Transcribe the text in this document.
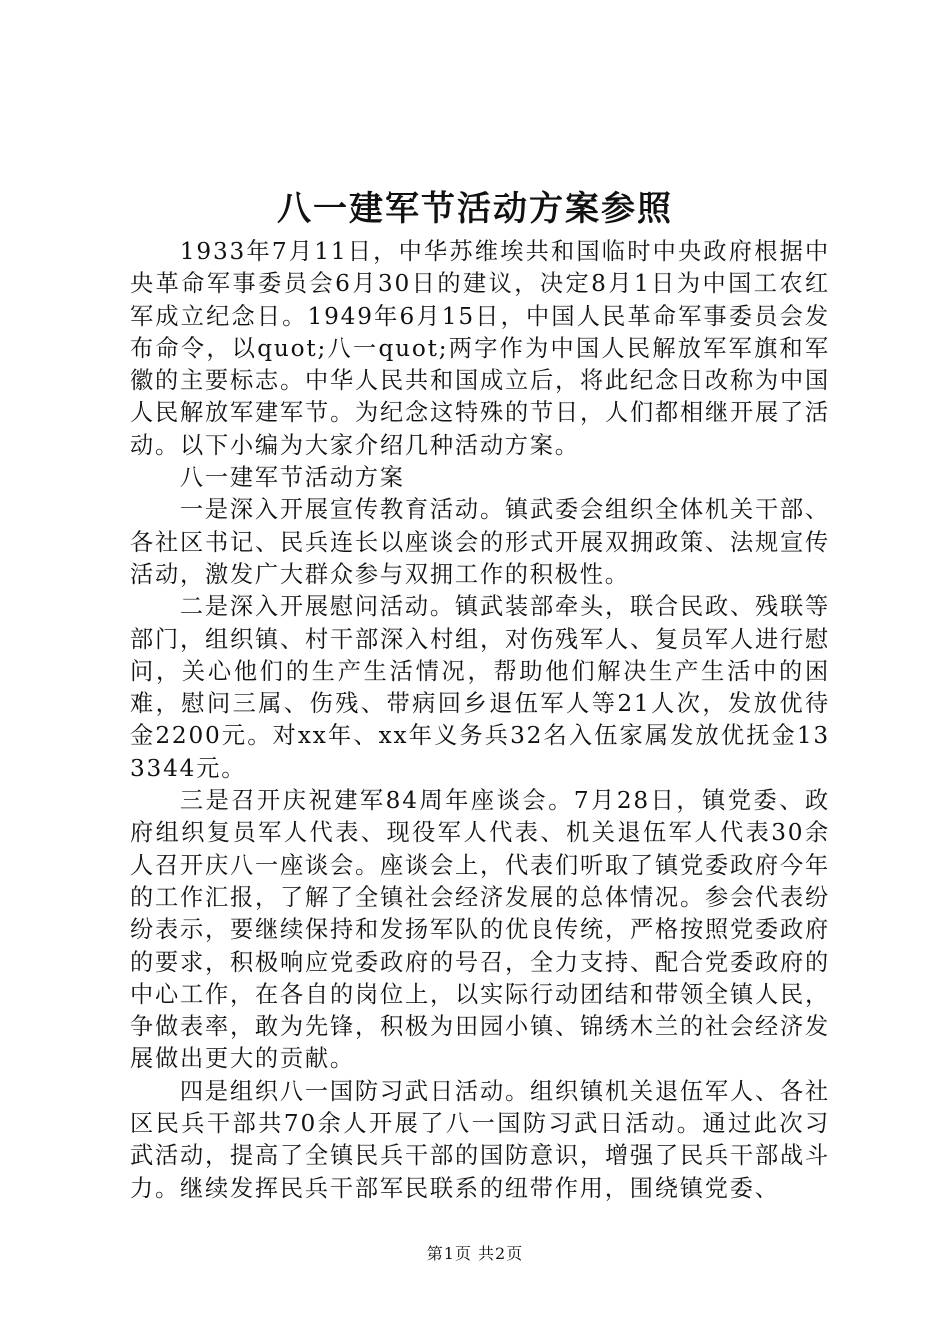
八一建军节活动方案参照

1933年7月11日，中华苏维埃共和国临时中央政府根据中央革命军事委员会6月30日的建议，决定8月1日为中国工农红军成立纪念日。1949年6月15日，中国人民革命军事委员会发布命令，以quot;八一quot;两字作为中国人民解放军军旗和军徽的主要标志。中华人民共和国成立后，将此纪念日改称为中国人民解放军建军节。为纪念这特殊的节日，人们都相继开展了活动。以下小编为大家介绍几种活动方案。

八一建军节活动方案

一是深入开展宣传教育活动。镇武委会组织全体机关干部、各社区书记、民兵连长以座谈会的形式开展双拥政策、法规宣传活动，激发广大群众参与双拥工作的积极性。

二是深入开展慰问活动。镇武装部牵头，联合民政、残联等部门，组织镇、村干部深入村组，对伤残军人、复员军人进行慰问，关心他们的生产生活情况，帮助他们解决生产生活中的困难，慰问三属、伤残、带病回乡退伍军人等21人次，发放优待金2200元。对xx年、xx年义务兵32名入伍家属发放优抚金133344元。

三是召开庆祝建军84周年座谈会。7月28日，镇党委、政府组织复员军人代表、现役军人代表、机关退伍军人代表30余人召开庆八一座谈会。座谈会上，代表们听取了镇党委政府今年的工作汇报，了解了全镇社会经济发展的总体情况。参会代表纷纷表示，要继续保持和发扬军队的优良传统，严格按照党委政府的要求，积极响应党委政府的号召，全力支持、配合党委政府的中心工作，在各自的岗位上，以实际行动团结和带领全镇人民，争做表率，敢为先锋，积极为田园小镇、锦绣木兰的社会经济发展做出更大的贡献。

四是组织八一国防习武日活动。组织镇机关退伍军人、各社区民兵干部共70余人开展了八一国防习武日活动。通过此次习武活动，提高了全镇民兵干部的国防意识，增强了民兵干部战斗力。继续发挥民兵干部军民联系的纽带作用，围绕镇党委、

第1页 共2页
